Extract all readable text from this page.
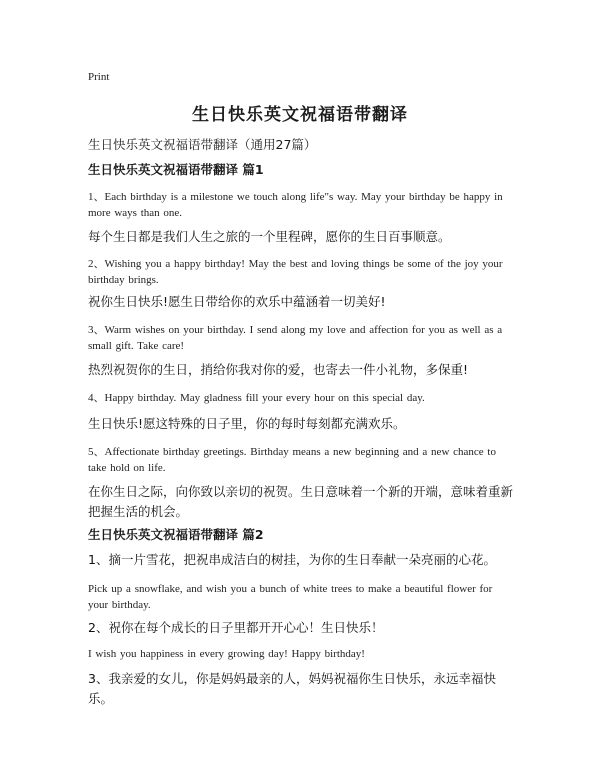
Print
生日快乐英文祝福语带翻译
生日快乐英文祝福语带翻译（通用27篇）
生日快乐英文祝福语带翻译 篇1
1、Each birthday is a milestone we touch along life"s way. May your birthday be happy in more ways than one.
每个生日都是我们人生之旅的一个里程碑，愿你的生日百事顺意。
2、Wishing you a happy birthday! May the best and loving things be some of the joy your birthday brings.
祝你生日快乐!愿生日带给你的欢乐中蕴涵着一切美好!
3、Warm wishes on your birthday. I send along my love and affection for you as well as a small gift. Take care!
热烈祝贺你的生日，捎给你我对你的爱，也寄去一件小礼物，多保重!
4、Happy birthday. May gladness fill your every hour on this special day.
生日快乐!愿这特殊的日子里，你的每时每刻都充满欢乐。
5、Affectionate birthday greetings. Birthday means a new beginning and a new chance to take hold on life.
在你生日之际，向你致以亲切的祝贺。生日意味着一个新的开端，意味着重新把握生活的机会。
生日快乐英文祝福语带翻译 篇2
1、摘一片雪花，把祝串成洁白的树挂，为你的生日奉献一朵亮丽的心花。
Pick up a snowflake, and wish you a bunch of white trees to make a beautiful flower for your birthday.
2、祝你在每个成长的日子里都开开心心！生日快乐！
I wish you happiness in every growing day! Happy birthday!
3、我亲爱的女儿，你是妈妈最亲的人，妈妈祝福你生日快乐，永远幸福快乐。
